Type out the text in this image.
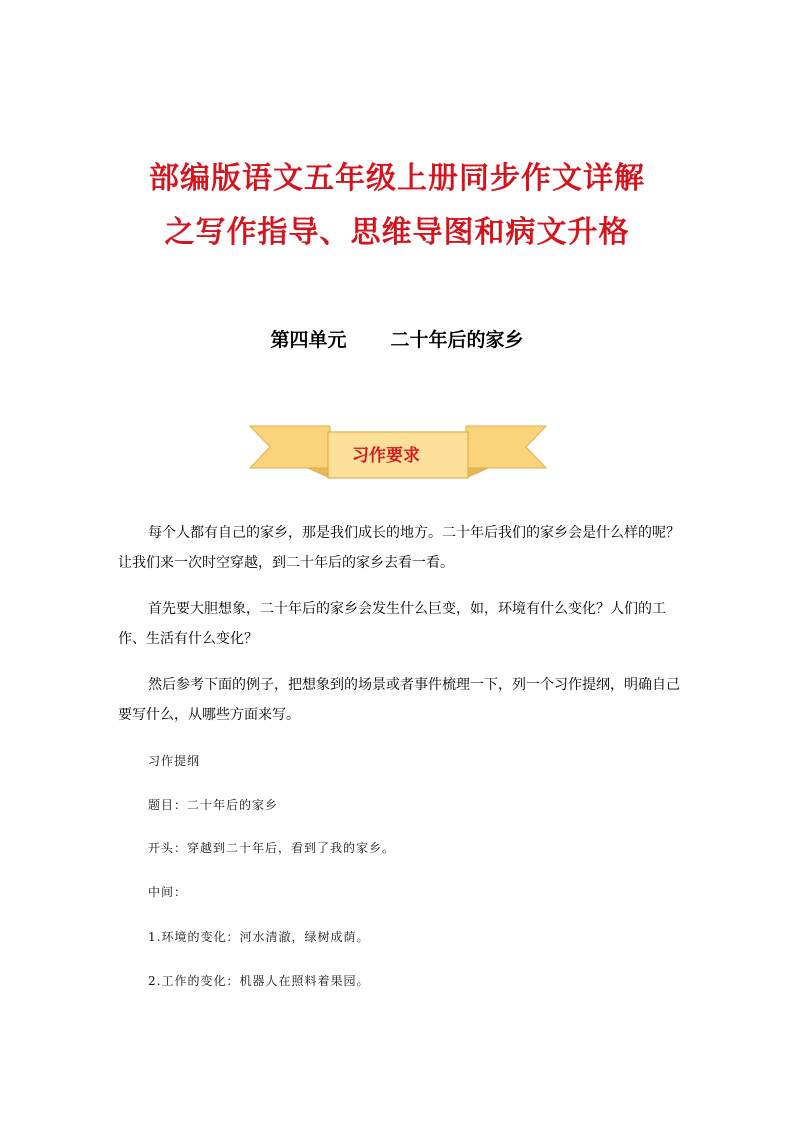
部编版语文五年级上册同步作文详解
之写作指导、思维导图和病文升格
第四单元 二十年后的家乡
习作要求

每个人都有自己的家乡，那是我们成长的地方。二十年后我们的家乡会是什么样的呢？让我们来一次时空穿越，到二十年后的家乡去看一看。

首先要大胆想象，二十年后的家乡会发生什么巨变，如，环境有什么变化？人们的工作、生活有什么变化？

然后参考下面的例子，把想象到的场景或者事件梳理一下，列一个习作提纲，明确自己要写什么，从哪些方面来写。

习作提纲
题目：二十年后的家乡
开头：穿越到二十年后，看到了我的家乡。
中间：
1.环境的变化：河水清澈，绿树成荫。
2.工作的变化：机器人在照料着果园。
